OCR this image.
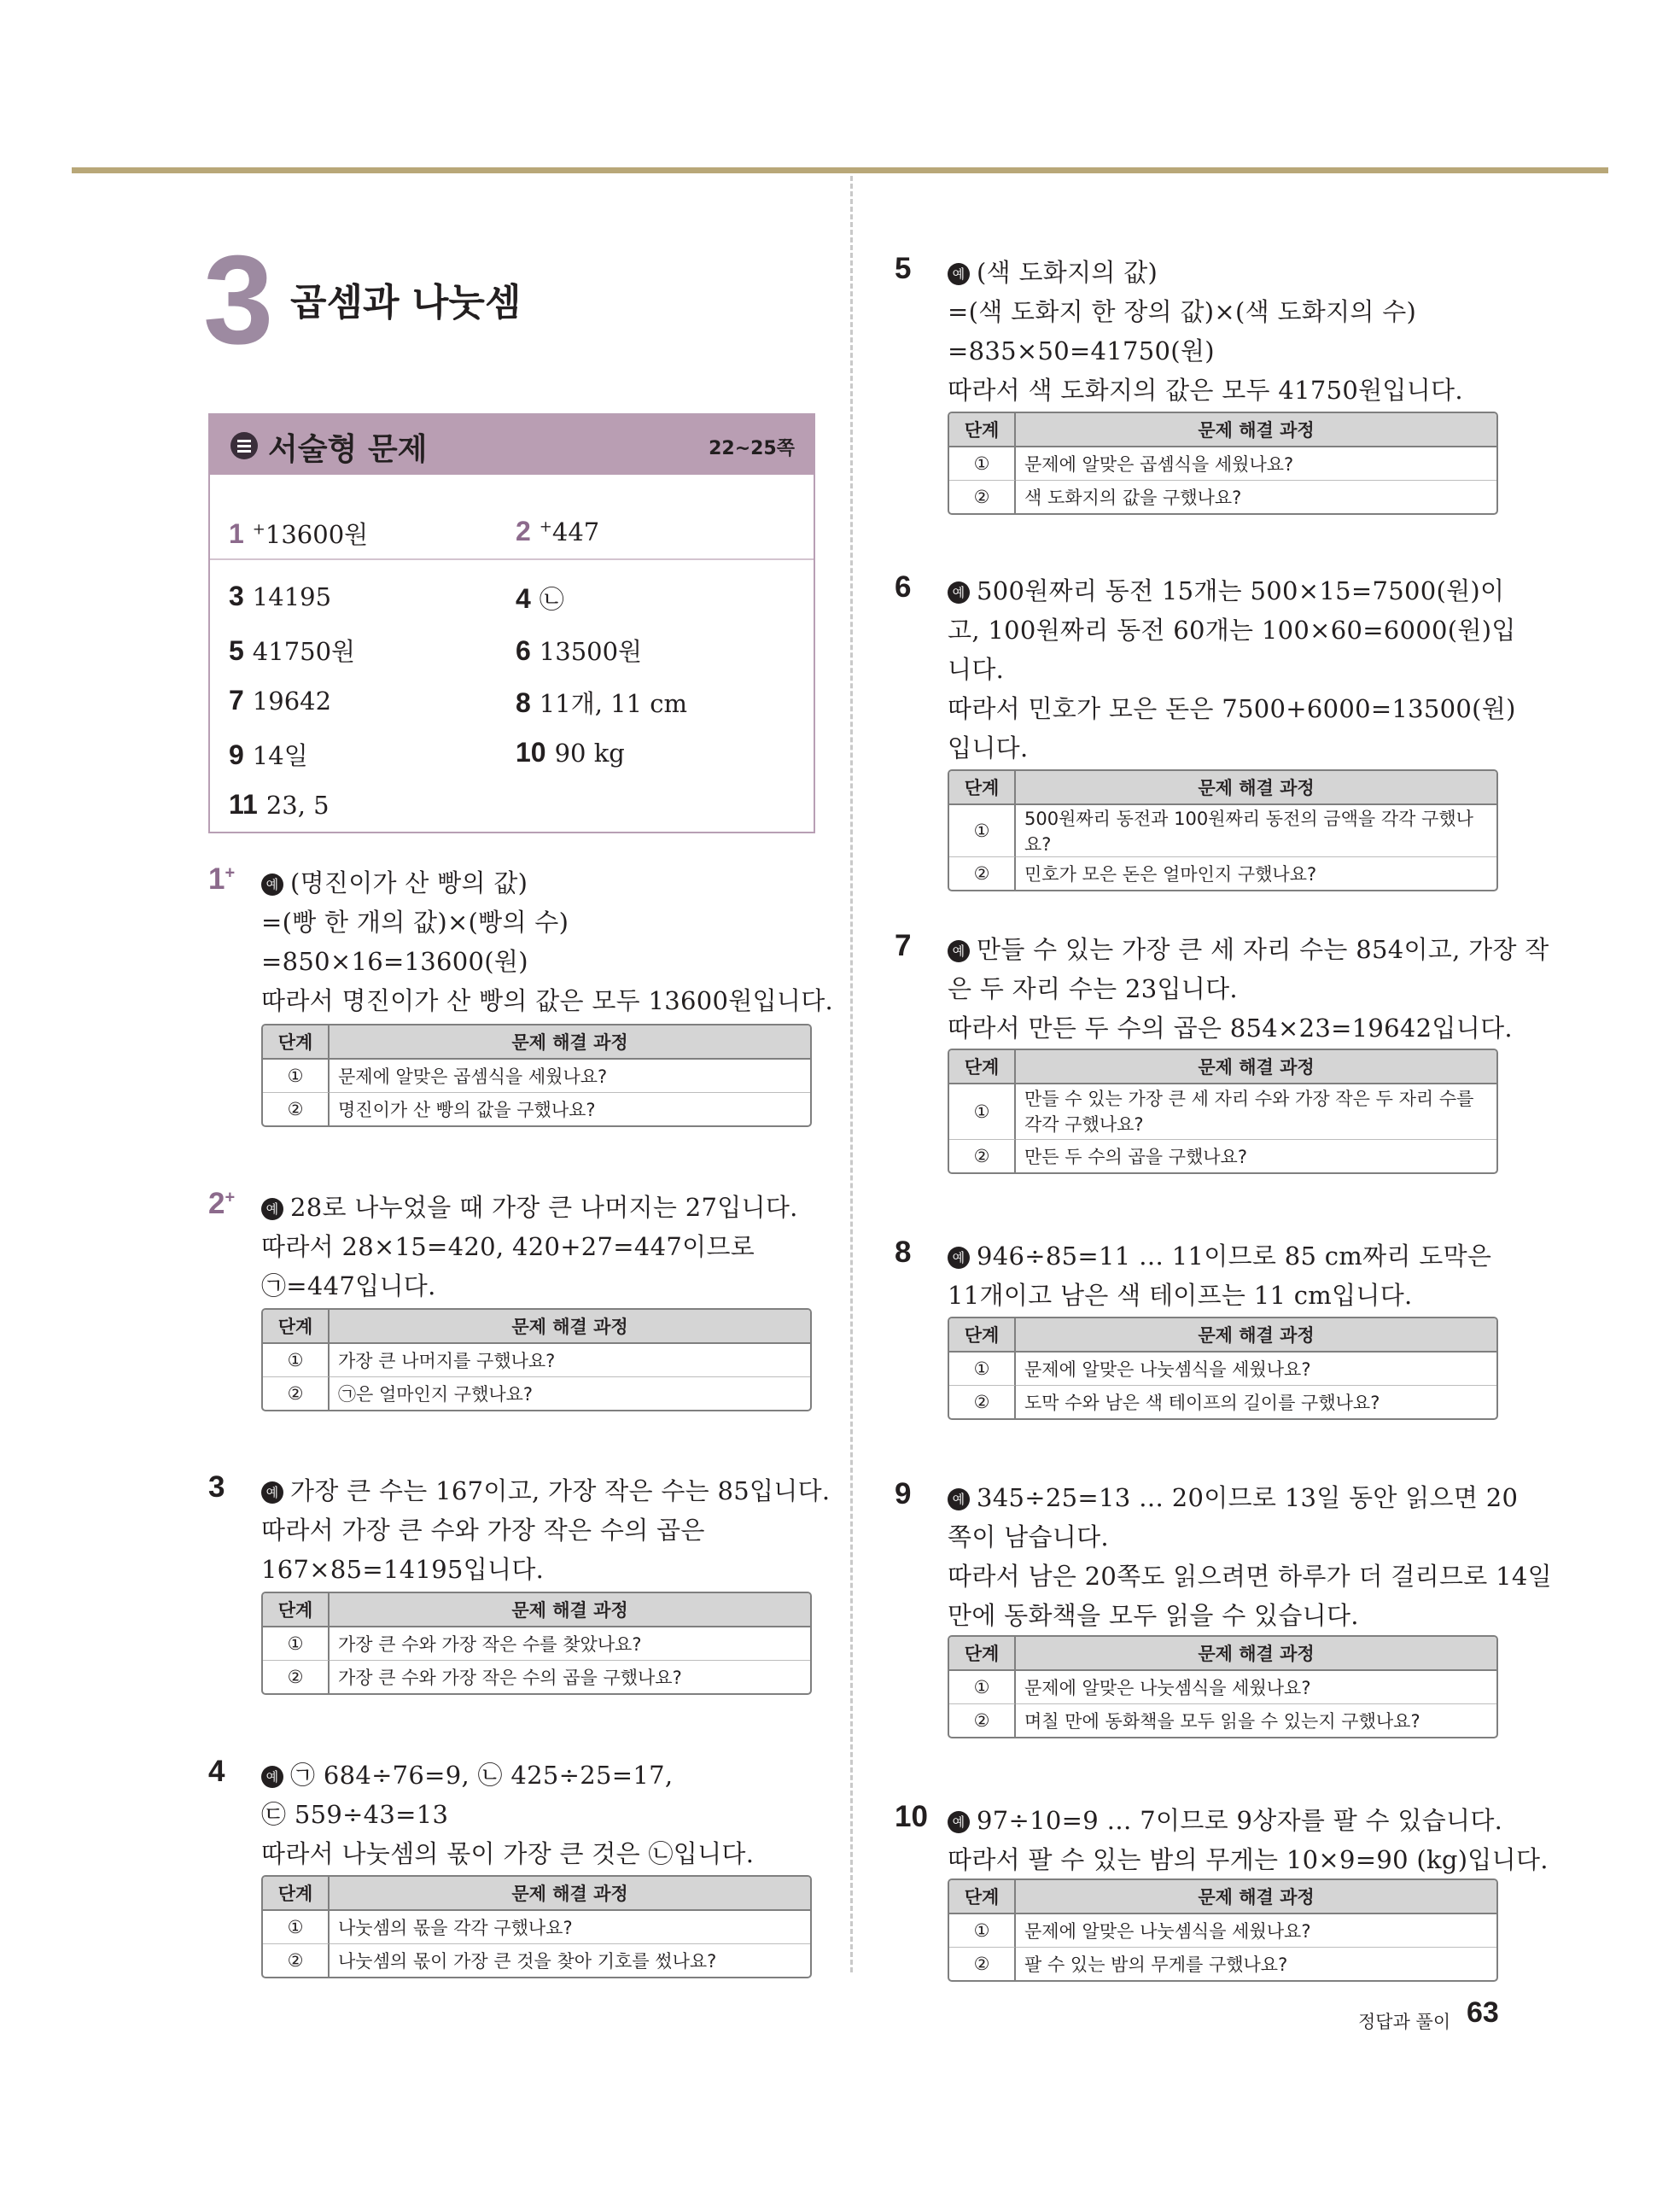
3 곱셈과 나눗셈
서술형 문제	22~25쪽
1+
예 (명진이가 산 빵의 값)
=(빵 한 개의 값)×(빵의 수)
=850×16=13600(원)
따라서 명진이가 산 빵의 값은 모두 13600원입니다.
단계	문제 해결 과정
①	문제에 알맞은 곱셈식을 세웠나요?

②	명진이가 산 빵의 값을 구했나요?
2+
예 28로 나누었을 때 가장 큰 나머지는 27입니다.
따라서 28×15=420, 420+27=447이므로
㉠=447입니다.
단계	문제 해결 과정
①	가장 큰 나머지를 구했나요?

②	㉠은 얼마인지 구했나요?
3	예 가장 큰 수는 167이고, 가장 작은 수는 85입니다.
따라서 가장 큰 수와 가장 작은 수의 곱은
167×85=14195입니다.
단계	문제 해결 과정
①	가장 큰 수와 가장 작은 수를 찾았나요?

②	가장 큰 수와 가장 작은 수의 곱을 구했나요?
4	예 ㉠ 684÷76=9, ㉡ 425÷25=17,
㉢ 559÷43=13
따라서 나눗셈의 몫이 가장 큰 것은 ㉡입니다.
단계	문제 해결 과정
①	나눗셈의 몫을 각각 구했나요?

②	나눗셈의 몫이 가장 큰 것을 찾아 기호를 썼나요?
5	예 (색 도화지의 값)
=(색 도화지 한 장의 값)×(색 도화지의 수)
=835×50=41750(원)
따라서 색 도화지의 값은 모두 41750원입니다.
단계	문제 해결 과정
①	문제에 알맞은 곱셈식을 세웠나요?

②	색 도화지의 값을 구했나요?
6	예 500원짜리 동전 15개는 500×15=7500(원)이
고, 100원짜리 동전 60개는 100×60=6000(원)입
니다.
따라서 민호가 모은 돈은 7500+6000=13500(원)
입니다.
단계	문제 해결 과정
①	500원짜리 동전과 100원짜리 동전의 금액을 각각 구했나요?

②	민호가 모은 돈은 얼마인지 구했나요?
7	예 만들 수 있는 가장 큰 세 자리 수는 854이고, 가장 작
은 두 자리 수는 23입니다.
따라서 만든 두 수의 곱은 854×23=19642입니다.
단계	문제 해결 과정
①	만들 수 있는 가장 큰 세 자리 수와 가장 작은 두 자리 수를
각각 구했나요?

②	만든 두 수의 곱을 구했나요?
8	예 946÷85=11 … 11이므로 85 cm짜리 도막은
11개이고 남은 색 테이프는 11 cm입니다.
단계	문제 해결 과정
①	문제에 알맞은 나눗셈식을 세웠나요?

②	도막 수와 남은 색 테이프의 길이를 구했나요?
9	예 345÷25=13 … 20이므로 13일 동안 읽으면 20
쪽이 남습니다.
따라서 남은 20쪽도 읽으려면 하루가 더 걸리므로 14일
만에 동화책을 모두 읽을 수 있습니다.
단계	문제 해결 과정
①	문제에 알맞은 나눗셈식을 세웠나요?

②	며칠 만에 동화책을 모두 읽을 수 있는지 구했나요?
10	예 97÷10=9 … 7이므로 9상자를 팔 수 있습니다.
따라서 팔 수 있는 밤의 무게는 10×9=90 (kg)입니다.
단계	문제 해결 과정
①	문제에 알맞은 나눗셈식을 세웠나요?

②	팔 수 있는 밤의 무게를 구했나요?
정답과 풀이 63
1 +13600원	2 +447
3 14195	4 ㉡
5 41750원	6 13500원
7 19642	8 11개, 11 cm
9 14일	10 90 kg
11 23, 5
